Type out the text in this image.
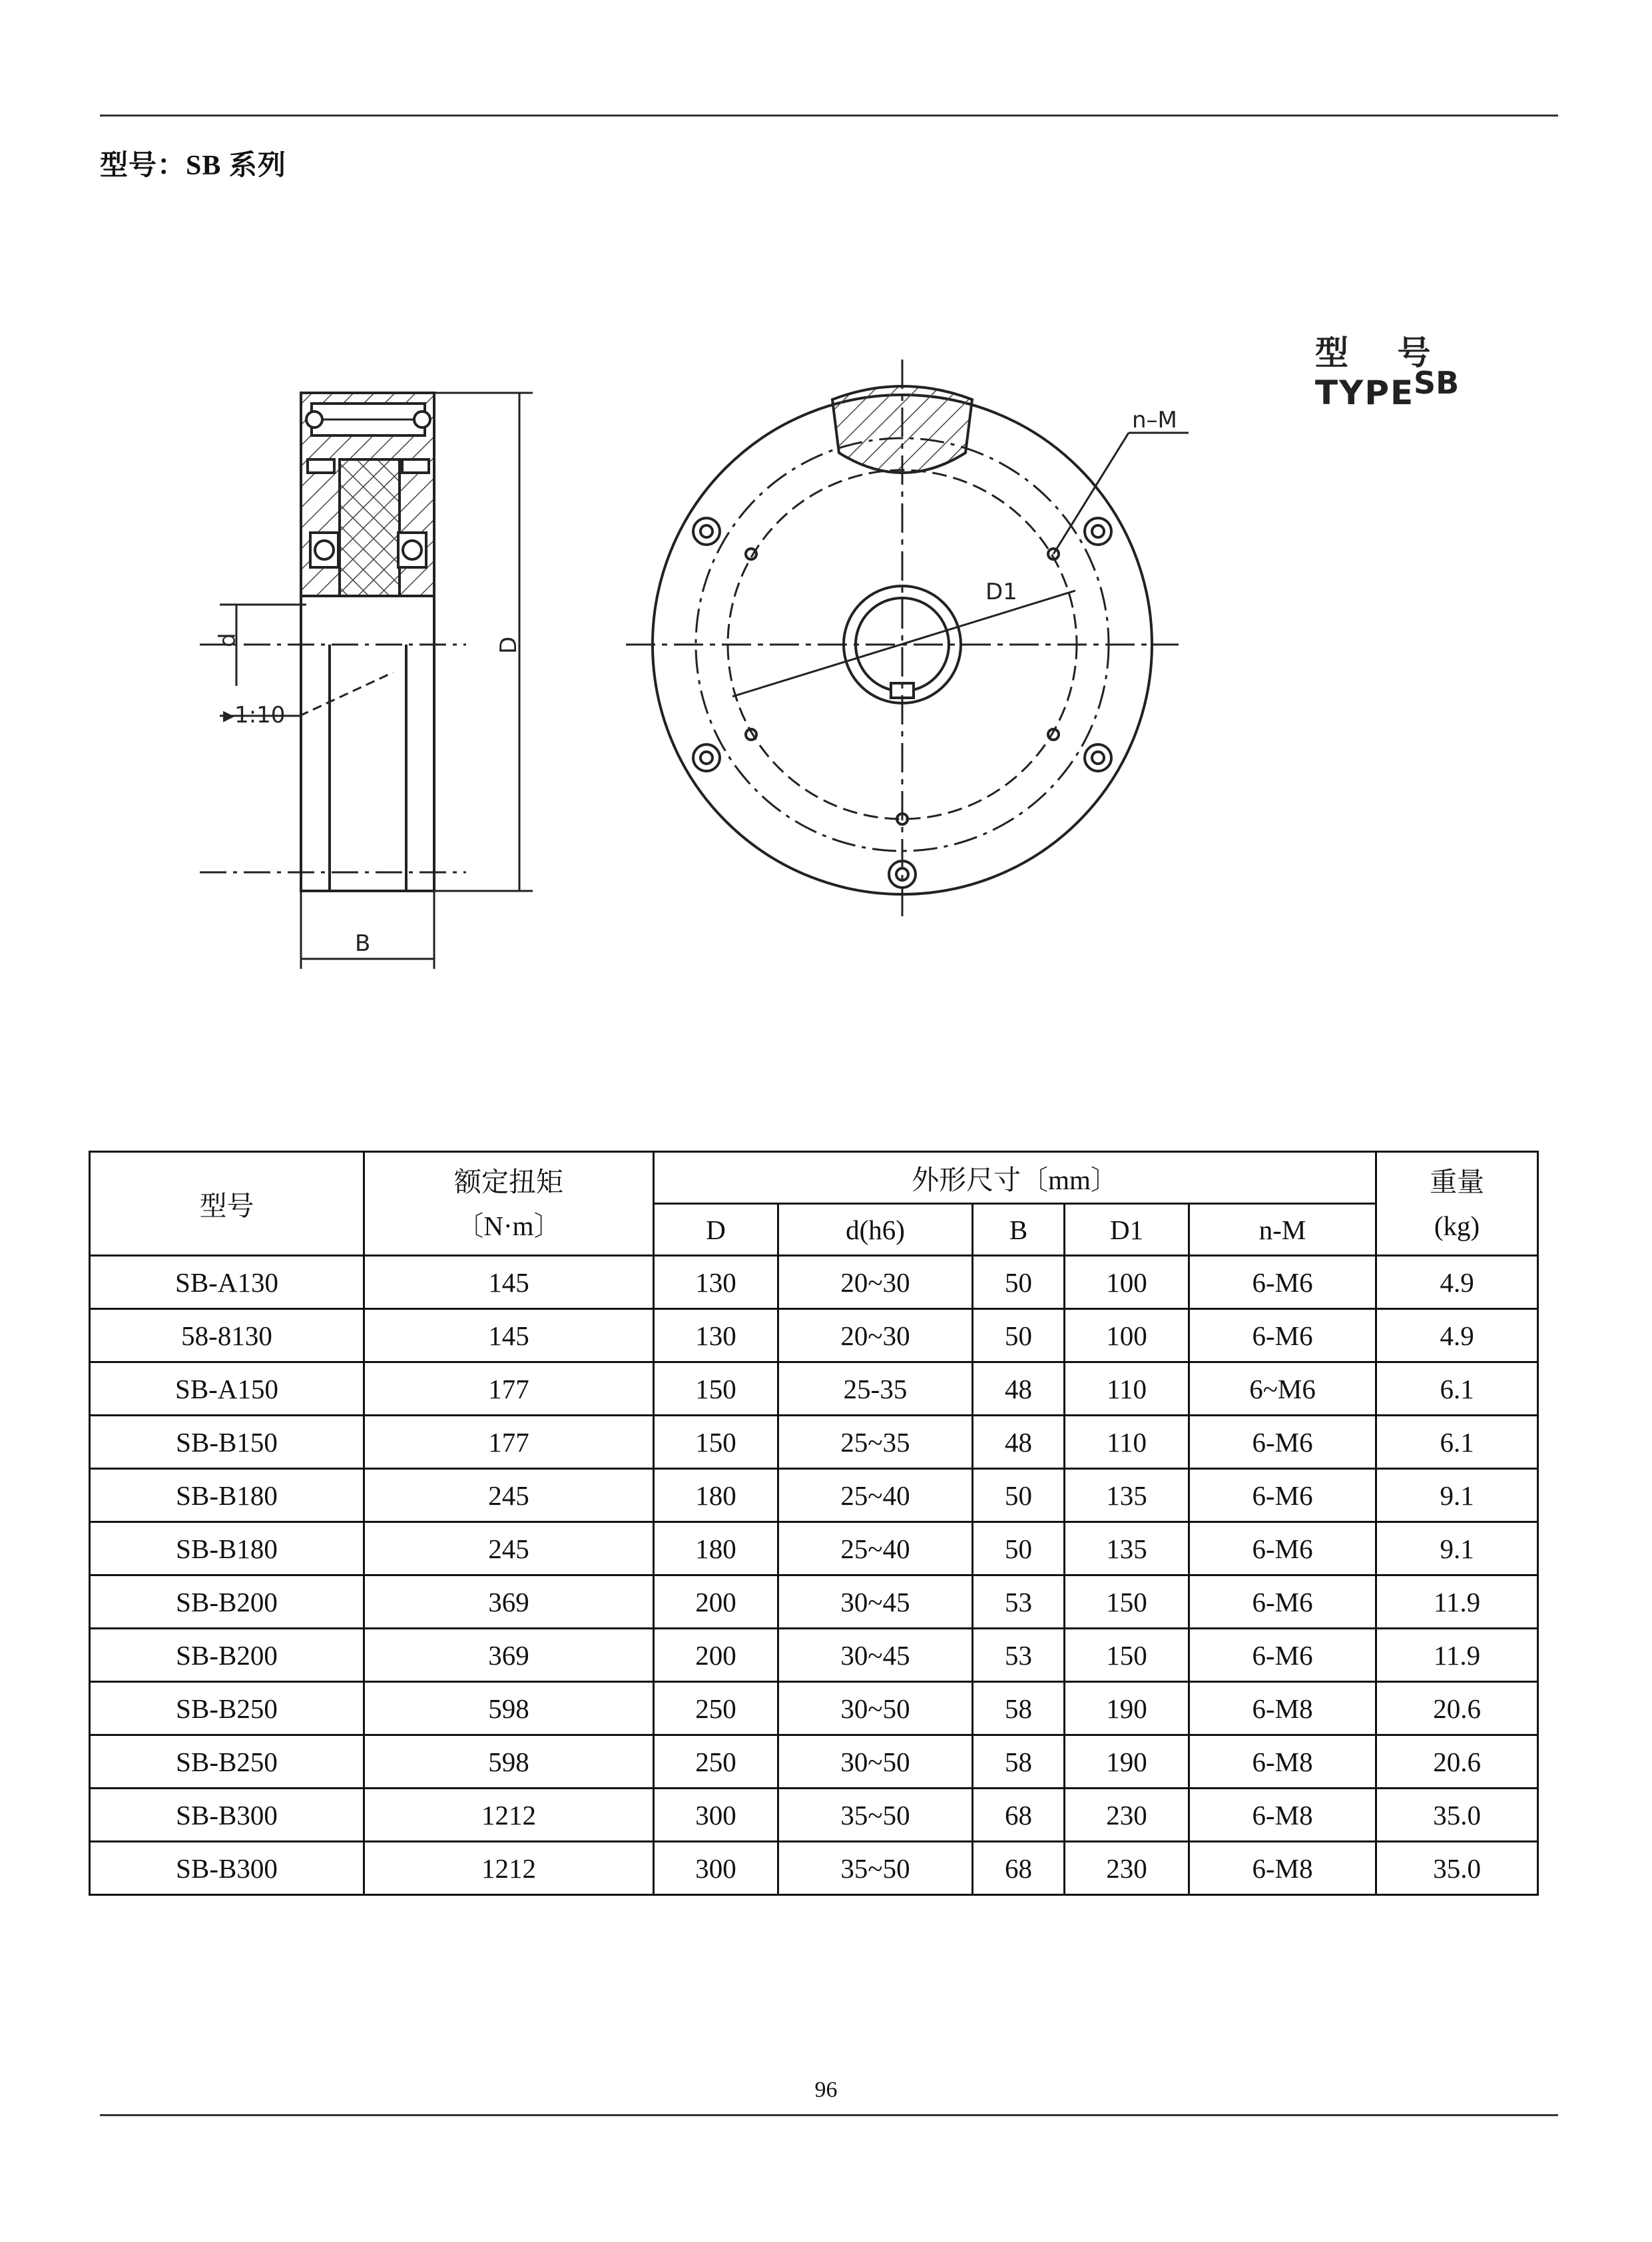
型号：SB 系列
d	D
▸1:10
B
D1
n–M
型 号
TYPE
SB
型号	额定扭矩
〔N·m〕	外形尺寸〔mm〕					重量
(kg)

		D	d(h6)	B	D1	n-M	
SB-A130	145	130	20~30	50	100	6-M6	4.9
58-8130	145	130	20~30	50	100	6-M6	4.9
SB-A150	177	150	25-35	48	110	6~M6	6.1
SB-B150	177	150	25~35	48	110	6-M6	6.1
SB-B180	245	180	25~40	50	135	6-M6	9.1
SB-B180	245	180	25~40	50	135	6-M6	9.1
SB-B200	369	200	30~45	53	150	6-M6	11.9
SB-B200	369	200	30~45	53	150	6-M6	11.9
SB-B250	598	250	30~50	58	190	6-M8	20.6
SB-B250	598	250	30~50	58	190	6-M8	20.6
SB-B300	1212	300	35~50	68	230	6-M8	35.0
SB-B300	1212	300	35~50	68	230	6-M8	35.0
96
